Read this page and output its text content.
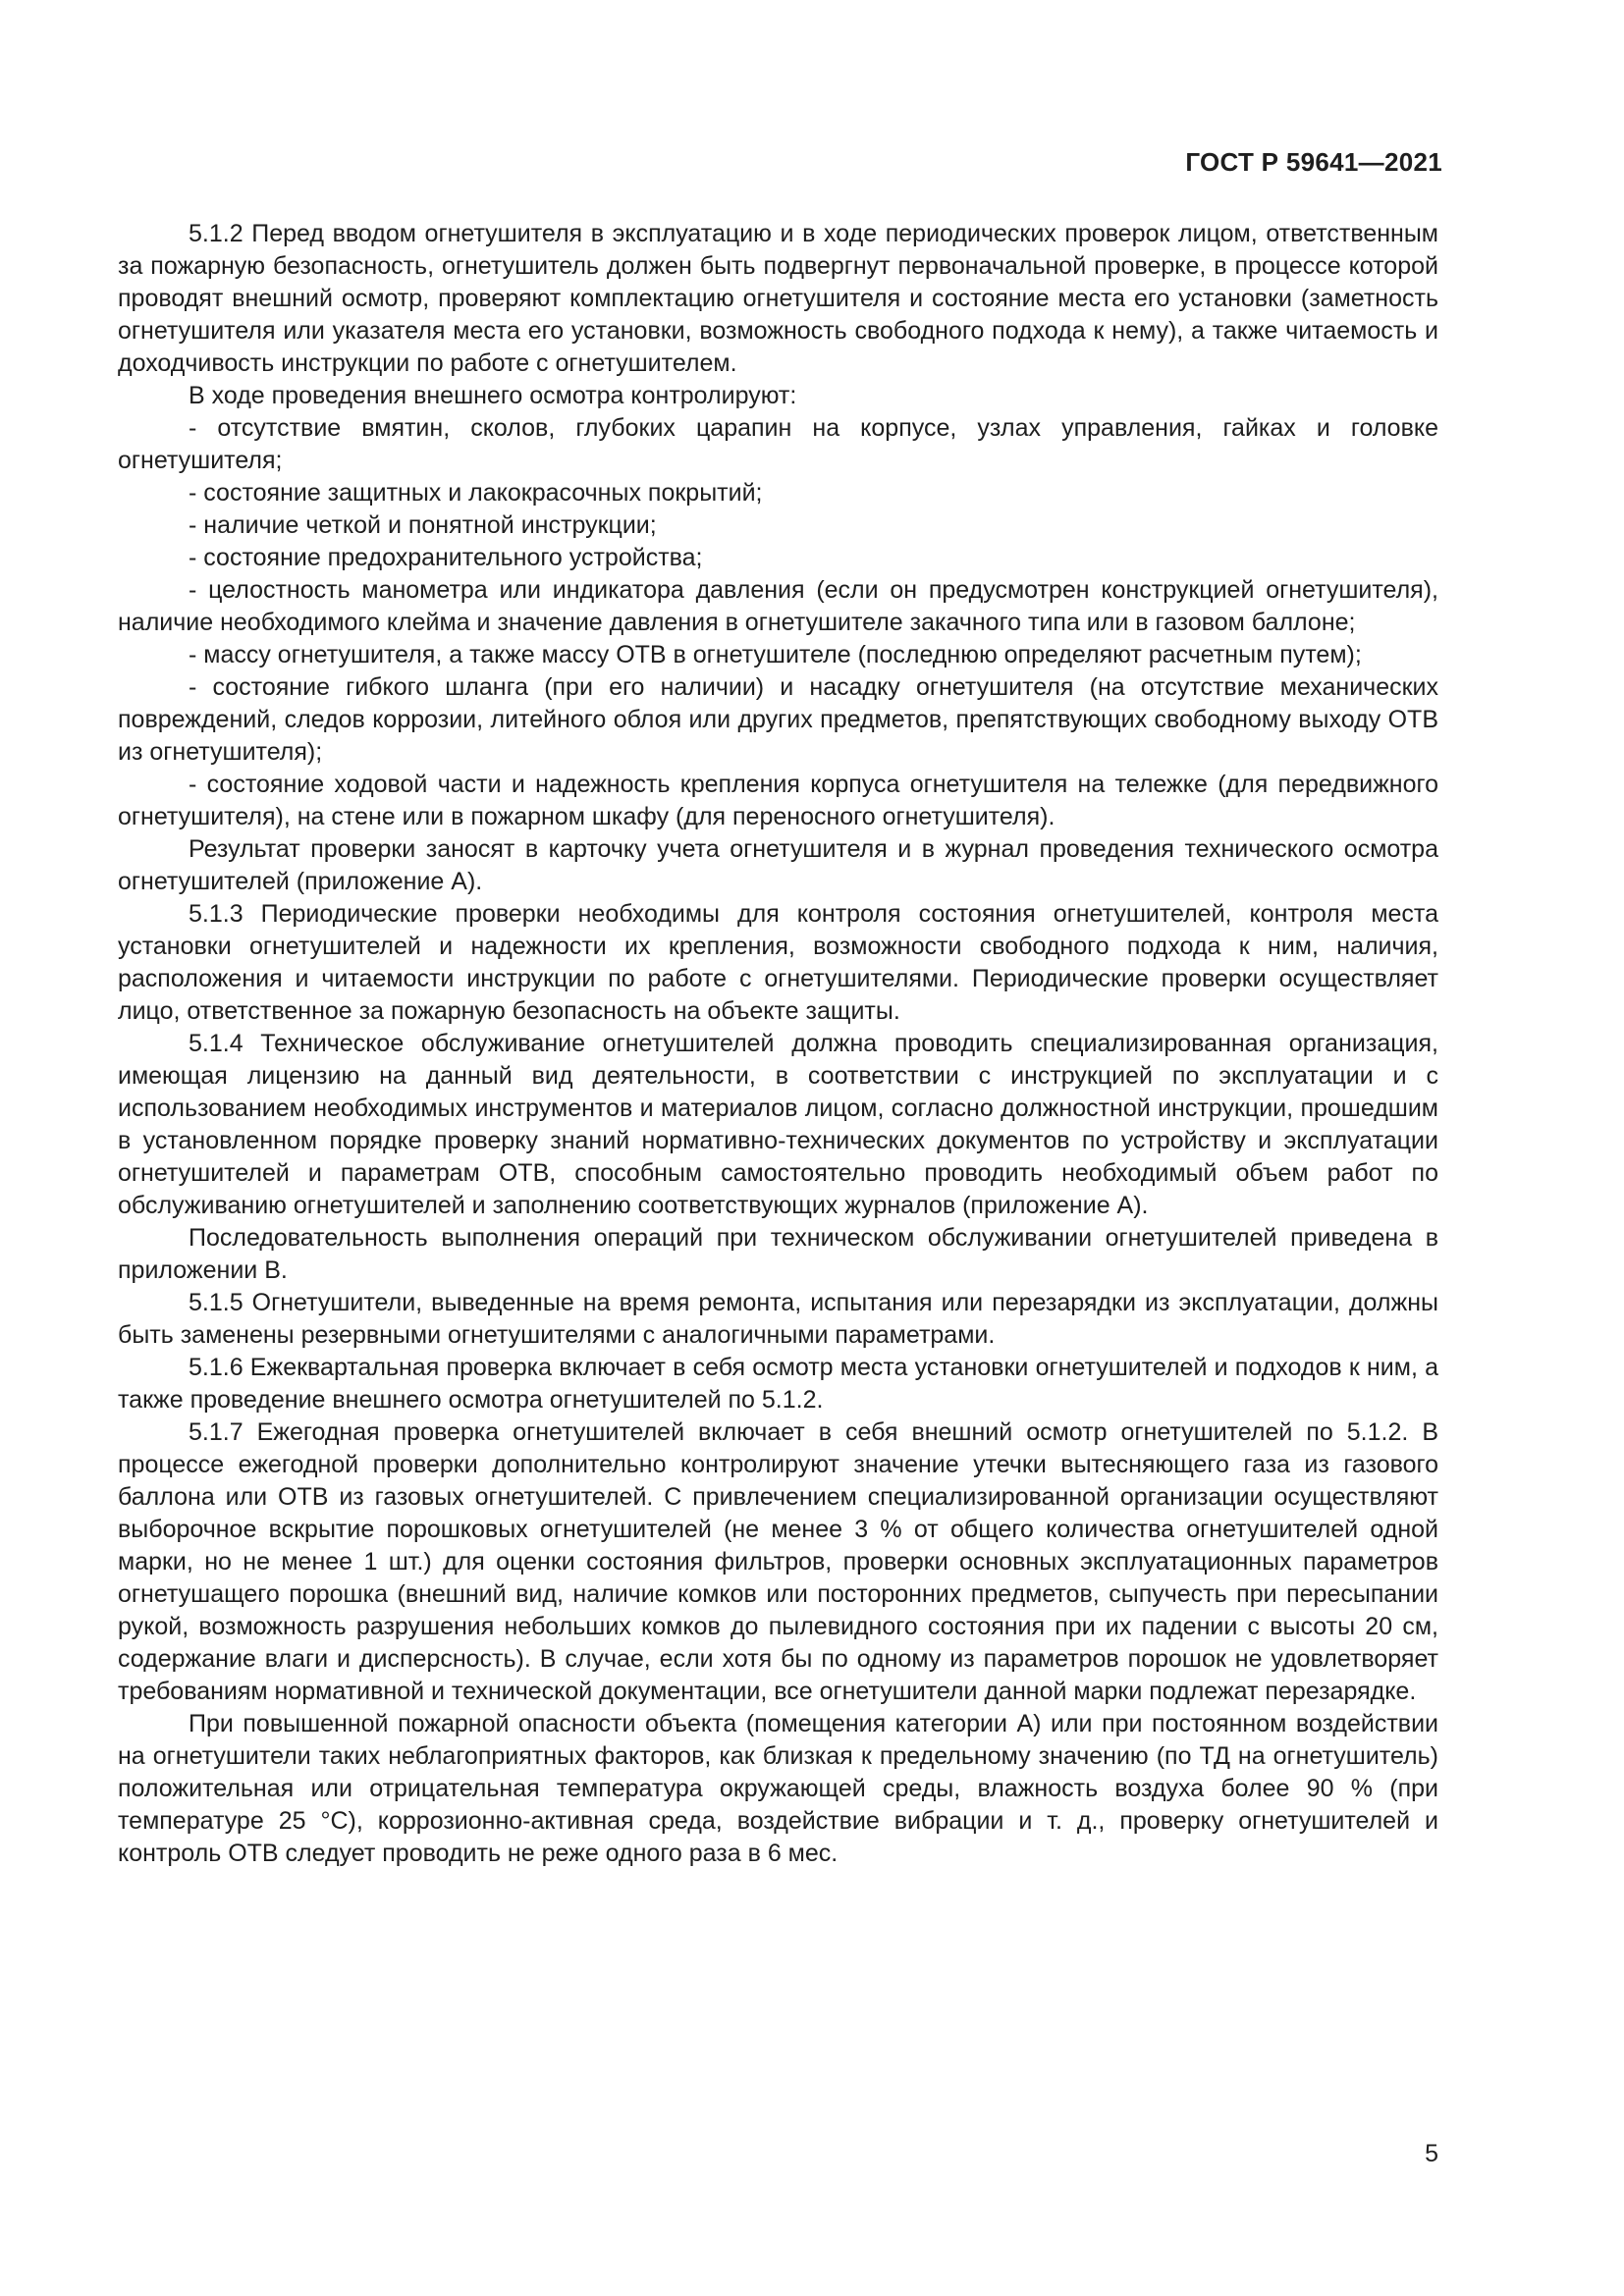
ГОСТ Р 59641—2021

5.1.2 Перед вводом огнетушителя в эксплуатацию и в ходе периодических проверок лицом, ответственным за пожарную безопасность, огнетушитель должен быть подвергнут первоначальной проверке, в процессе которой проводят внешний осмотр, проверяют комплектацию огнетушителя и состояние места его установки (заметность огнетушителя или указателя места его установки, возможность свободного подхода к нему), а также читаемость и доходчивость инструкции по работе с огнетушителем.

В ходе проведения внешнего осмотра контролируют:

- отсутствие вмятин, сколов, глубоких царапин на корпусе, узлах управления, гайках и головке огнетушителя;

- состояние защитных и лакокрасочных покрытий;

- наличие четкой и понятной инструкции;

- состояние предохранительного устройства;

- целостность манометра или индикатора давления (если он предусмотрен конструкцией огнетушителя), наличие необходимого клейма и значение давления в огнетушителе закачного типа или в газовом баллоне;

- массу огнетушителя, а также массу ОТВ в огнетушителе (последнюю определяют расчетным путем);

- состояние гибкого шланга (при его наличии) и насадку огнетушителя (на отсутствие механических повреждений, следов коррозии, литейного облоя или других предметов, препятствующих свободному выходу ОТВ из огнетушителя);

- состояние ходовой части и надежность крепления корпуса огнетушителя на тележке (для передвижного огнетушителя), на стене или в пожарном шкафу (для переносного огнетушителя).

Результат проверки заносят в карточку учета огнетушителя и в журнал проведения технического осмотра огнетушителей (приложение А).

5.1.3 Периодические проверки необходимы для контроля состояния огнетушителей, контроля места установки огнетушителей и надежности их крепления, возможности свободного подхода к ним, наличия, расположения и читаемости инструкции по работе с огнетушителями. Периодические проверки осуществляет лицо, ответственное за пожарную безопасность на объекте защиты.

5.1.4 Техническое обслуживание огнетушителей должна проводить специализированная организация, имеющая лицензию на данный вид деятельности, в соответствии с инструкцией по эксплуатации и с использованием необходимых инструментов и материалов лицом, согласно должностной инструкции, прошедшим в установленном порядке проверку знаний нормативно-технических документов по устройству и эксплуатации огнетушителей и параметрам ОТВ, способным самостоятельно проводить необходимый объем работ по обслуживанию огнетушителей и заполнению соответствующих журналов (приложение А).

Последовательность выполнения операций при техническом обслуживании огнетушителей приведена в приложении В.

5.1.5 Огнетушители, выведенные на время ремонта, испытания или перезарядки из эксплуатации, должны быть заменены резервными огнетушителями с аналогичными параметрами.

5.1.6 Ежеквартальная проверка включает в себя осмотр места установки огнетушителей и подходов к ним, а также проведение внешнего осмотра огнетушителей по 5.1.2.

5.1.7 Ежегодная проверка огнетушителей включает в себя внешний осмотр огнетушителей по 5.1.2. В процессе ежегодной проверки дополнительно контролируют значение утечки вытесняющего газа из газового баллона или ОТВ из газовых огнетушителей. С привлечением специализированной организации осуществляют выборочное вскрытие порошковых огнетушителей (не менее 3 % от общего количества огнетушителей одной марки, но не менее 1 шт.) для оценки состояния фильтров, проверки основных эксплуатационных параметров огнетушащего порошка (внешний вид, наличие комков или посторонних предметов, сыпучесть при пересыпании рукой, возможность разрушения небольших комков до пылевидного состояния при их падении с высоты 20 см, содержание влаги и дисперсность). В случае, если хотя бы по одному из параметров порошок не удовлетворяет требованиям нормативной и технической документации, все огнетушители данной марки подлежат перезарядке.

При повышенной пожарной опасности объекта (помещения категории А) или при постоянном воздействии на огнетушители таких неблагоприятных факторов, как близкая к предельному значению (по ТД на огнетушитель) положительная или отрицательная температура окружающей среды, влажность воздуха более 90 % (при температуре 25 °C), коррозионно-активная среда, воздействие вибрации и т. д., проверку огнетушителей и контроль ОТВ следует проводить не реже одного раза в 6 мес.

5
